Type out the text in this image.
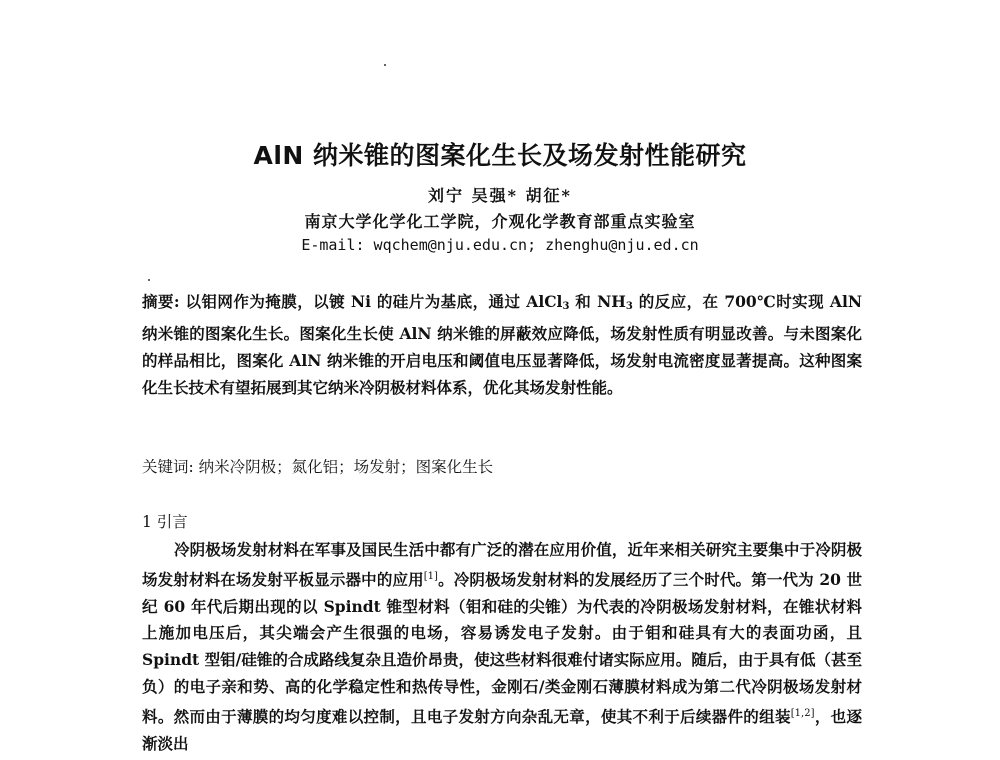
AlN 纳米锥的图案化生长及场发射性能研究
刘宁 吴强* 胡征*
南京大学化学化工学院，介观化学教育部重点实验室
E-mail: wqchem@nju.edu.cn; zhenghu@nju.ed.cn
摘要: 以钼网作为掩膜，以镀 Ni 的硅片为基底，通过 AlCl$_3$ 和 $NH_3$ 的反应，在 700℃时实现 AlN 纳米锥的图案化生长。图案化生长使 AlN 纳米锥的屏蔽效应降低，场发射性质有明显改善。与未图案化的样品相比，图案化 AlN 纳米锥的开启电压和阈值电压显著降低，场发射电流密度显著提高。这种图案化生长技术有望拓展到其它纳米冷阴极材料体系，优化其场发射性能。
关键词: 纳米冷阴极；氮化铝；场发射；图案化生长
1 引言
冷阴极场发射材料在军事及国民生活中都有广泛的潜在应用价值，近年来相关研究主要集中于冷阴极场发射材料在场发射平板显示器中的应用[1]。冷阴极场发射材料的发展经历了三个时代。第一代为 20 世纪 60 年代后期出现的以 Spindt 锥型材料（钼和硅的尖锥）为代表的冷阴极场发射材料，在锥状材料上施加电压后，其尖端会产生很强的电场，容易诱发电子发射。由于钼和硅具有大的表面功函，且 Spindt 型钼/硅锥的合成路线复杂且造价昂贵，使这些材料很难付诸实际应用。随后，由于具有低（甚至负）的电子亲和势、高的化学稳定性和热传导性，金刚石/类金刚石薄膜材料成为第二代冷阴极场发射材料。然而由于薄膜的均匀度难以控制，且电子发射方向杂乱无章，使其不利于后续器件的组装[1,2]，也逐渐淡出
